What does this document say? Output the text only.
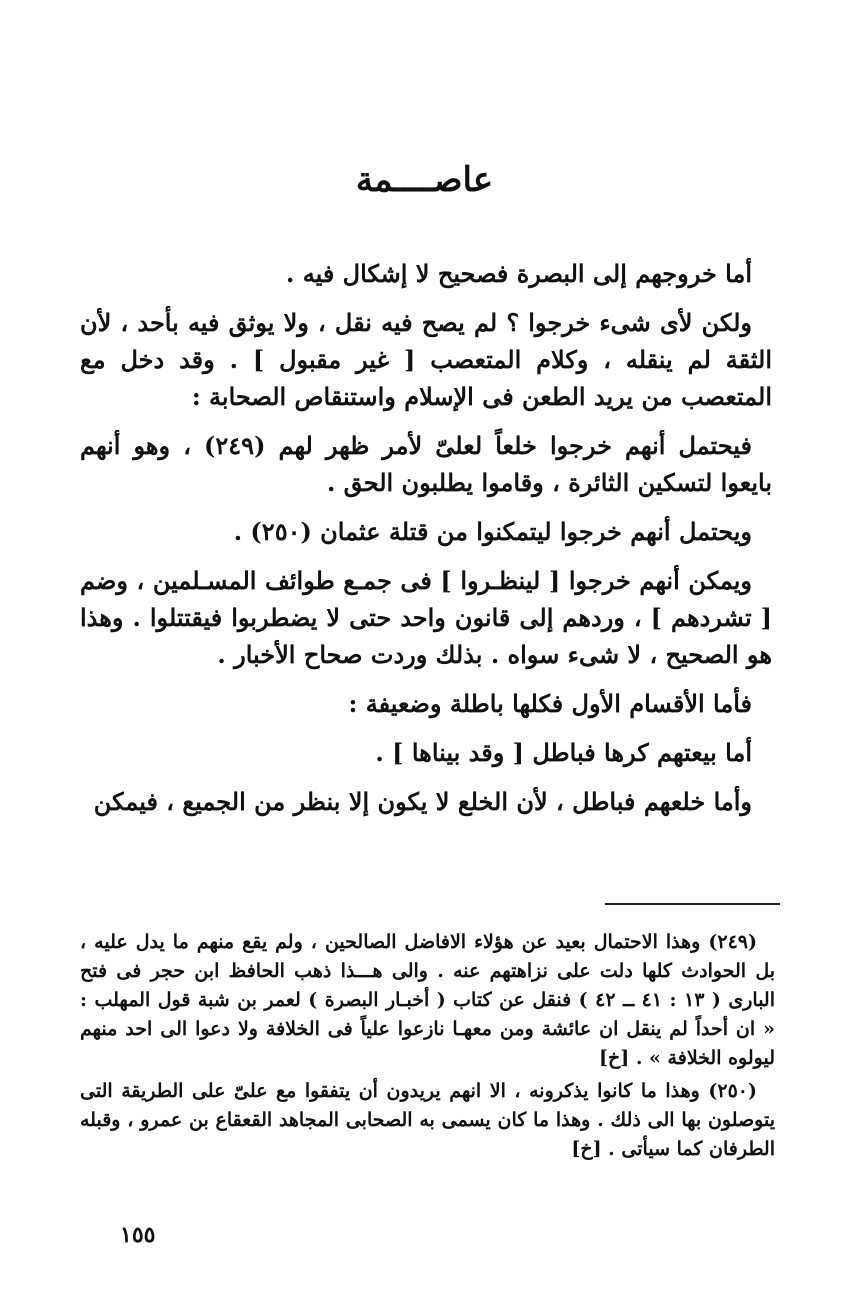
عاصــــمة

أما خروجهم إلى البصرة فصحيح لا إشكال فيه .

ولكن لأى شىء خرجوا ؟ لم يصح فيه نقل ، ولا يوثق فيه بأحد ، لأن الثقة لم ينقله ، وكلام المتعصب [ غير مقبول ] . وقد دخل مع المتعصب من يريد الطعن فى الإسلام واستنقاص الصحابة :

فيحتمل أنهم خرجوا خلعاً لعلىّ لأمر ظهر لهم (٢٤٩) ، وهو أنهم بايعوا لتسكين الثائرة ، وقاموا يطلبون الحق .

ويحتمل أنهم خرجوا ليتمكنوا من قتلة عثمان (٢٥٠) .

ويمكن أنهم خرجوا [ لينظـروا ] فى جمـع طوائف المسـلمين ، وضم [ تشردهم ] ، وردهم إلى قانون واحد حتى لا يضطربوا فيقتتلوا . وهذا هو الصحيح ، لا شىء سواه . بذلك وردت صحاح الأخبار .

فأما الأقسام الأول فكلها باطلة وضعيفة :

أما بيعتهم كرها فباطل [ وقد بيناها ] .

وأما خلعهم فباطل ، لأن الخلع لا يكون إلا بنظر من الجميع ، فيمكن

(٢٤٩) وهذا الاحتمال بعيد عن هؤلاء الافاضل الصالحين ، ولم يقع منهم ما يدل عليه ، بل الحوادث كلها دلت على نزاهتهم عنه . والى هـــذا ذهب الحافظ ابن حجر فى فتح البارى ( ١٣ : ٤١ ــ ٤٢ ) فنقل عن كتاب ( أخبـار البصرة ) لعمر بن شبة قول المهلب : « ان أحداً لم ينقل ان عائشة ومن معهـا نازعوا علياً فى الخلافة ولا دعوا الى احد منهم ليولوه الخلافة » . [خ]

(٢٥٠) وهذا ما كانوا يذكرونه ، الا انهم يريدون أن يتفقوا مع علىّ على الطريقة التى يتوصلون بها الى ذلك . وهذا ما كان يسمى به الصحابى المجاهد القعقاع بن عمرو ، وقبله الطرفان كما سيأتى . [خ]

١٥٥
